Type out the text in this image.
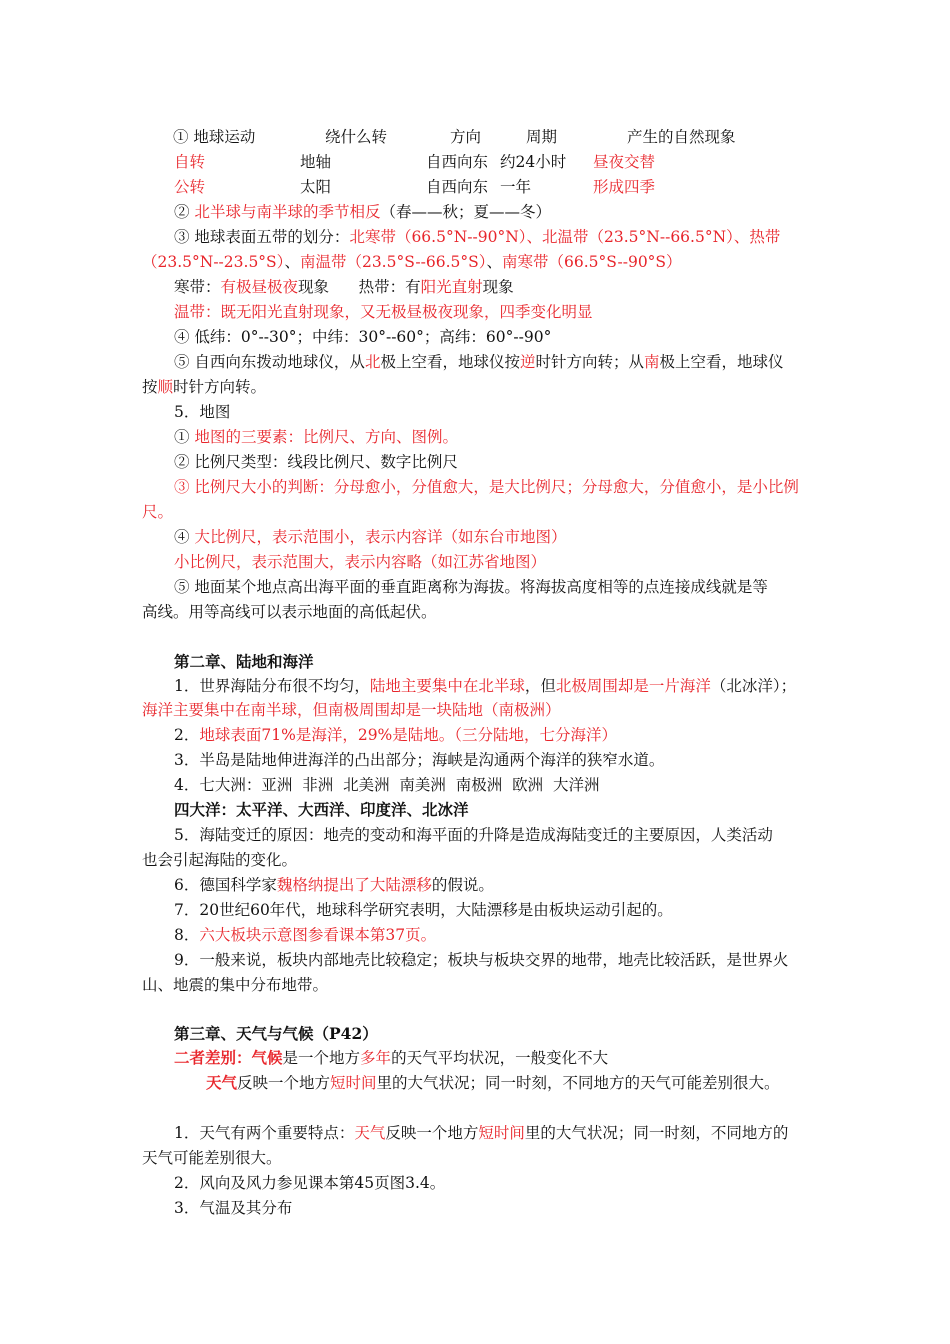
① 地球运动	绕什么转	方向	周期	产生的自然现象
自转	地轴	自西向东 约24小时 昼夜交替
公转	太阳	自西向东 一年	形成四季
② 北半球与南半球的季节相反（春——秋；夏——冬）
③ 地球表面五带的划分：北寒带（66.5°N--90°N）、北温带（23.5°N--66.5°N）、热带
（23.5°N--23.5°S）、南温带（23.5°S--66.5°S）、南寒带（66.5°S--90°S）
寒带：有极昼极夜现象      热带：有阳光直射现象
温带：既无阳光直射现象，又无极昼极夜现象，四季变化明显
④ 低纬：0°--30°；中纬：30°--60°；高纬：60°--90°
⑤ 自西向东拨动地球仪，从北极上空看，地球仪按逆时针方向转；从南极上空看，地球仪
按顺时针方向转。
5．地图
① 地图的三要素：比例尺、方向、图例。
② 比例尺类型：线段比例尺、数字比例尺
③ 比例尺大小的判断：分母愈小，分值愈大，是大比例尺；分母愈大，分值愈小，是小比例
尺。
④ 大比例尺，表示范围小，表示内容详（如东台市地图）
小比例尺，表示范围大，表示内容略（如江苏省地图）
⑤ 地面某个地点高出海平面的垂直距离称为海拔。将海拔高度相等的点连接成线就是等
高线。用等高线可以表示地面的高低起伏。
第二章、陆地和海洋
1．世界海陆分布很不均匀，陆地主要集中在北半球，但北极周围却是一片海洋（北冰洋）；
海洋主要集中在南半球，但南极周围却是一块陆地（南极洲）
2．地球表面71%是海洋，29%是陆地。（三分陆地，七分海洋）
3．半岛是陆地伸进海洋的凸出部分；海峡是沟通两个海洋的狭窄水道。
4．七大洲：亚洲  非洲  北美洲  南美洲  南极洲  欧洲  大洋洲
四大洋：太平洋、大西洋、印度洋、北冰洋
5．海陆变迁的原因：地壳的变动和海平面的升降是造成海陆变迁的主要原因，人类活动
也会引起海陆的变化。
6．德国科学家魏格纳提出了大陆漂移的假说。
7．20世纪60年代，地球科学研究表明，大陆漂移是由板块运动引起的。
8．六大板块示意图参看课本第37页。
9．一般来说，板块内部地壳比较稳定；板块与板块交界的地带，地壳比较活跃，是世界火
山、地震的集中分布地带。
第三章、天气与气候（P42）
二者差别：气候是一个地方多年的天气平均状况，一般变化不大
天气反映一个地方短时间里的大气状况；同一时刻，不同地方的天气可能差别很大。
1．天气有两个重要特点：天气反映一个地方短时间里的大气状况；同一时刻，不同地方的
天气可能差别很大。
2．风向及风力参见课本第45页图3.4。
3．气温及其分布
